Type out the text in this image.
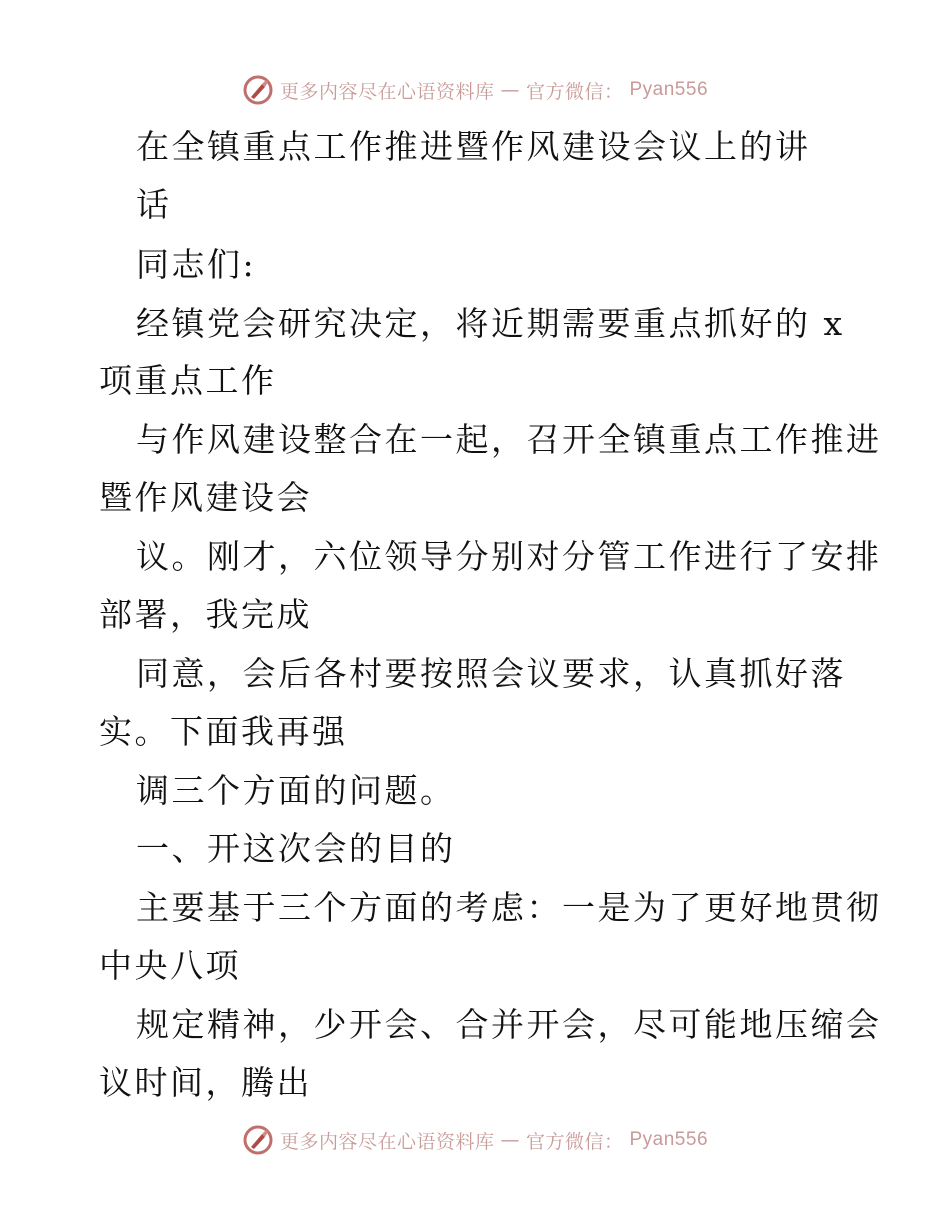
更多内容尽在心语资料库 — 官方微信： Pyan556
在全镇重点工作推进暨作风建设会议上的讲
话
同志们:
经镇党会研究决定，将近期需要重点抓好的 x
项重点工作
与作风建设整合在一起，召开全镇重点工作推进
暨作风建设会
议。刚才，六位领导分别对分管工作进行了安排
部署，我完成
同意，会后各村要按照会议要求，认真抓好落
实。下面我再强
调三个方面的问题。
一、开这次会的目的
主要基于三个方面的考虑：一是为了更好地贯彻
中央八项
规定精神，少开会、合并开会，尽可能地压缩会
议时间，腾出
更多内容尽在心语资料库 — 官方微信： Pyan556
